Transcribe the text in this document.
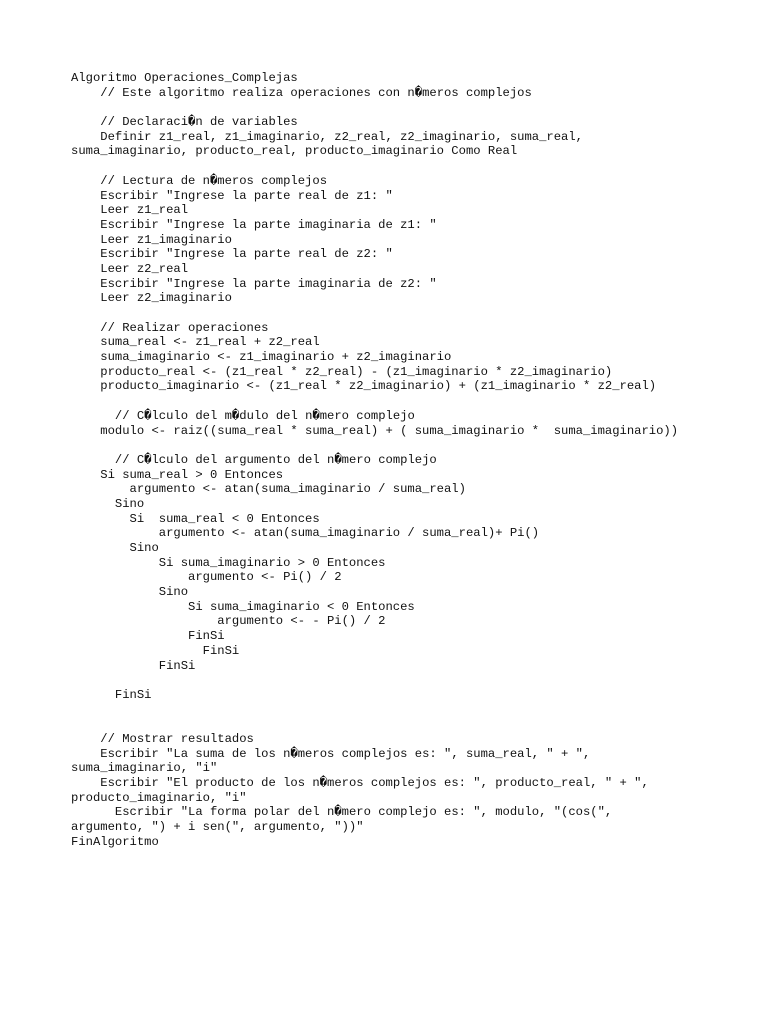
Algoritmo Operaciones_Complejas
// Este algoritmo realiza operaciones con n�meros complejos
// Declaraci�n de variables
Definir z1_real, z1_imaginario, z2_real, z2_imaginario, suma_real,
suma_imaginario, producto_real, producto_imaginario Como Real
// Lectura de n�meros complejos
Escribir "Ingrese la parte real de z1: "
Leer z1_real
Escribir "Ingrese la parte imaginaria de z1: "
Leer z1_imaginario
Escribir "Ingrese la parte real de z2: "
Leer z2_real
Escribir "Ingrese la parte imaginaria de z2: "
Leer z2_imaginario
// Realizar operaciones
suma_real <- z1_real + z2_real
suma_imaginario <- z1_imaginario + z2_imaginario
producto_real <- (z1_real * z2_real) - (z1_imaginario * z2_imaginario)
producto_imaginario <- (z1_real * z2_imaginario) + (z1_imaginario * z2_real)
// C�lculo del m�dulo del n�mero complejo
modulo <- raiz((suma_real * suma_real) + ( suma_imaginario *  suma_imaginario))
// C�lculo del argumento del n�mero complejo
Si suma_real > 0 Entonces
argumento <- atan(suma_imaginario / suma_real)
Sino
Si  suma_real < 0 Entonces
argumento <- atan(suma_imaginario / suma_real)+ Pi()
Sino
Si suma_imaginario > 0 Entonces
argumento <- Pi() / 2
Sino
Si suma_imaginario < 0 Entonces
argumento <- - Pi() / 2
FinSi
FinSi
FinSi
FinSi
// Mostrar resultados
Escribir "La suma de los n�meros complejos es: ", suma_real, " + ",
suma_imaginario, "i"
Escribir "El producto de los n�meros complejos es: ", producto_real, " + ",
producto_imaginario, "i"
Escribir "La forma polar del n�mero complejo es: ", modulo, "(cos(",
argumento, ") + i sen(", argumento, "))"
FinAlgoritmo
